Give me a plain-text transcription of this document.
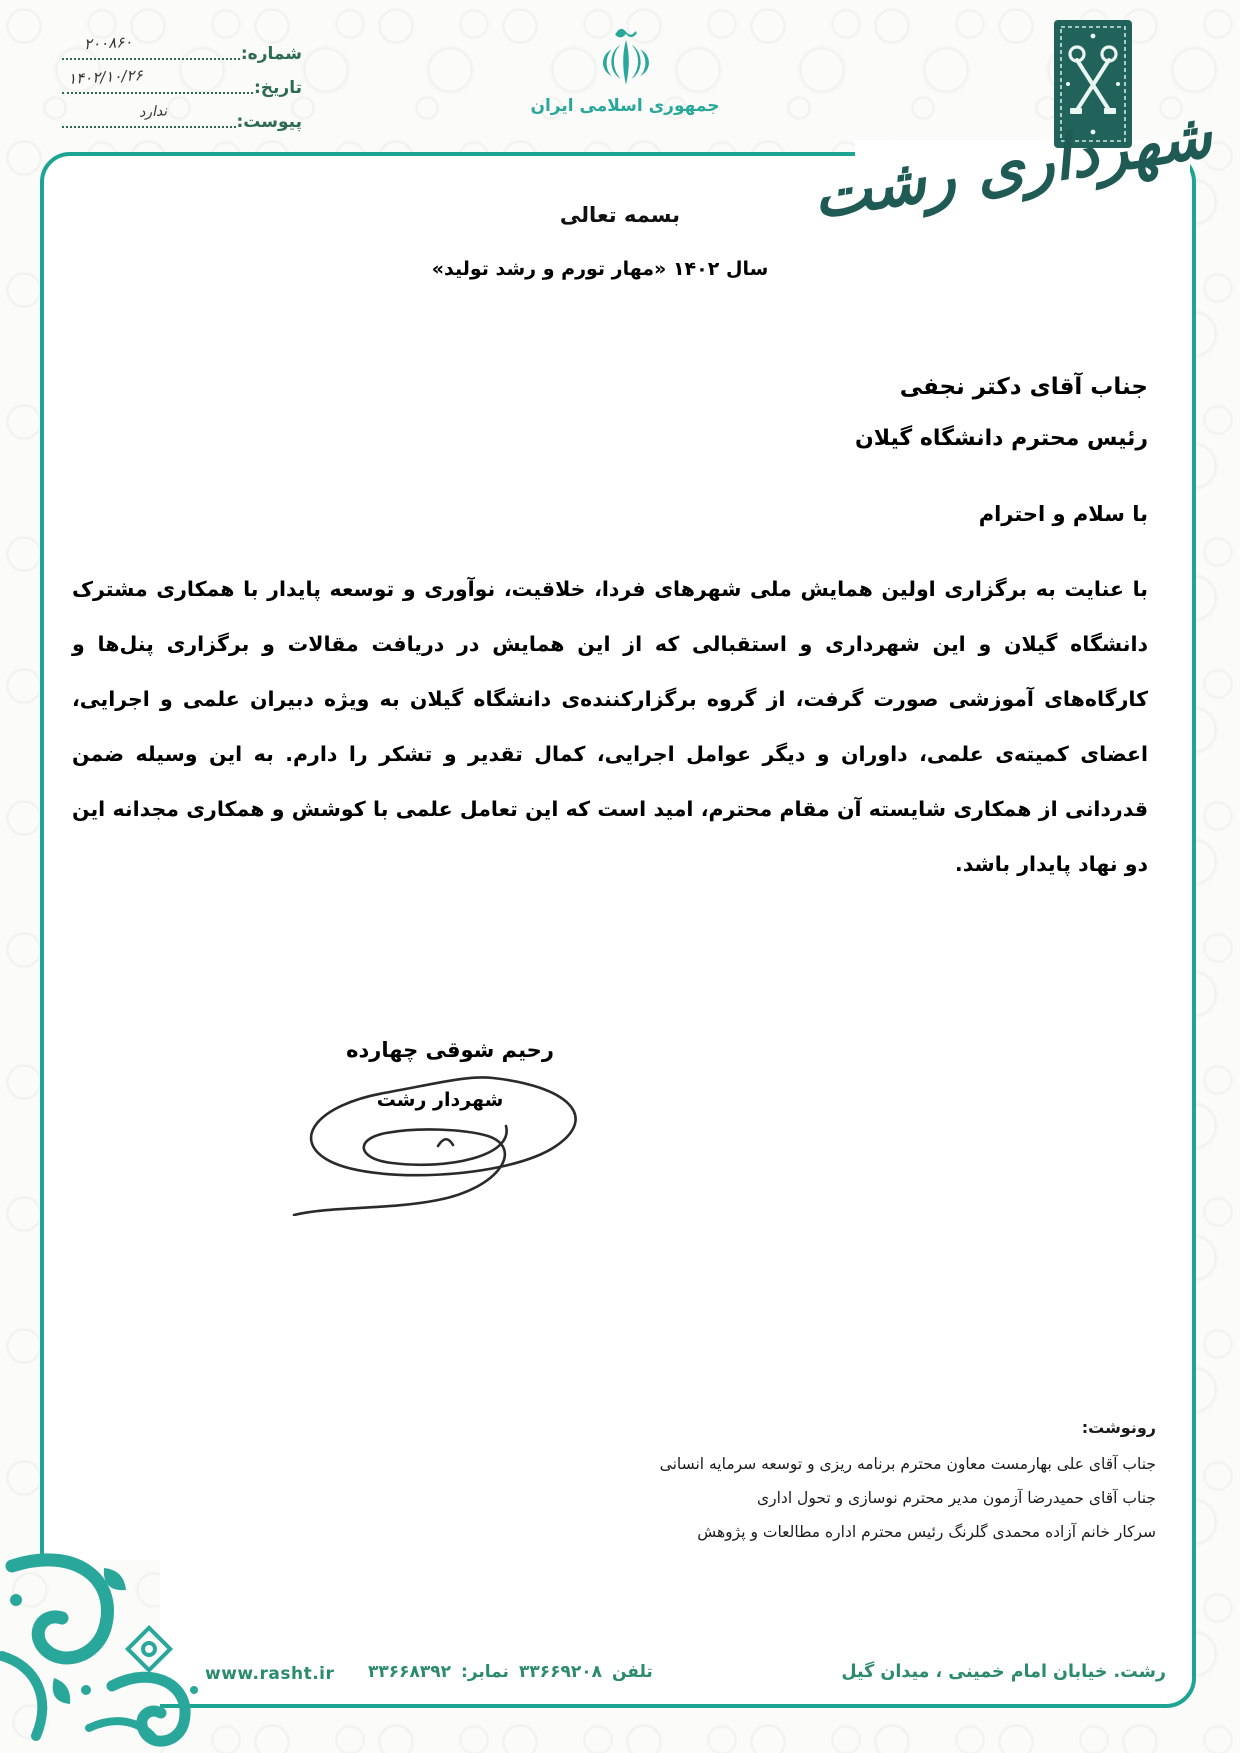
شماره:
۲۰۰۸۶۰
تاریخ:
۱۴۰۲/۱۰/۲۶
پیوست:
ندارد	جمهوری اسلامی ایران	شهرداری رشت
بسمه تعالی
سال ۱۴۰۲ «مهار تورم و رشد تولید»
جناب آقای دکتر نجفی
رئیس محترم دانشگاه گیلان
با سلام و احترام
با عنایت به برگزاری اولین همایش ملی شهرهای فردا، خلاقیت، نوآوری و توسعه پایدار با همکاری مشترک دانشگاه گیلان و این شهرداری و استقبالی که از این همایش در دریافت مقالات و برگزاری پنل‌ها و کارگاه‌های آموزشی صورت گرفت، از گروه برگزارکننده‌ی دانشگاه گیلان به ویژه دبیران علمی و اجرایی، اعضای کمیته‌ی علمی، داوران و دیگر عوامل اجرایی، کمال تقدیر و تشکر را دارم. به این وسیله ضمن قدردانی از همکاری شایسته آن مقام محترم، امید است که این تعامل علمی با کوشش و همکاری مجدانه این دو نهاد پایدار باشد.
رحیم شوقی چهارده
شهردار رشت
رونوشت:
جناب آقای علی بهارمست معاون محترم برنامه ریزی و توسعه سرمایه انسانی
جناب آقای حمیدرضا آزمون مدیر محترم نوسازی و تحول اداری
سرکار خانم آزاده محمدی گلرنگ رئیس محترم اداره مطالعات و پژوهش
رشت. خیابان امام خمینی ، میدان گیل
تلفن
۳۳۶۶۹۲۰۸
نمابر:
۳۳۶۶۸۳۹۲
www.rasht.ir
